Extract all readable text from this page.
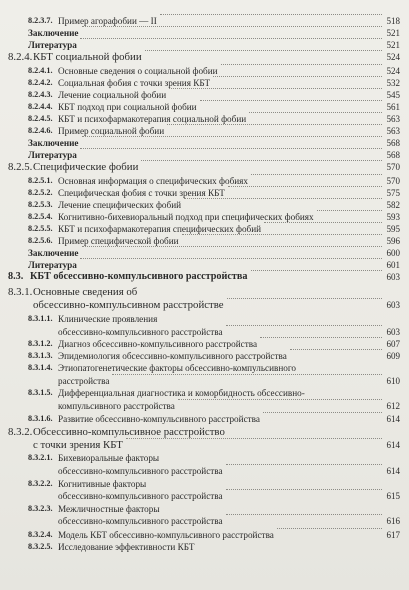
8.2.3.7. Пример агорафобии — II	518
Заключение	521
Литература	521
8.2.4. КБТ социальной фобии	524
8.2.4.1. Основные сведения о социальной фобии	524
8.2.4.2. Социальная фобия с точки зрения КБТ	532
8.2.4.3. Лечение социальной фобии	545
8.2.4.4. КБТ подход при социальной фобии	561
8.2.4.5. КБТ и психофармакотерапия социальной фобии	563
8.2.4.6. Пример социальной фобии	563
Заключение	568
Литература	568
8.2.5. Специфические фобии	570
8.2.5.1. Основная информация о специфических фобиях	570
8.2.5.2. Специфическая фобия с точки зрения КБТ	575
8.2.5.3. Лечение специфических фобий	582
8.2.5.4. Когнитивно-бихевиоральный подход при специфических фобиях	593
8.2.5.5. КБТ и психофармакотерапия специфических фобий	595
8.2.5.6. Пример специфической фобии	596
Заключение	600
Литература	601
8.3. КБТ обсессивно-компульсивного расстройства	603
8.3.1. Основные сведения об
обсессивно-компульсивном расстройстве	603
8.3.1.1. Клинические проявления
обсессивно-компульсивного расстройства	603
8.3.1.2. Диагноз обсессивно-компульсивного расстройства	607
8.3.1.3. Эпидемиология обсессивно-компульсивного расстройства	609
8.3.1.4. Этиопатогенетические факторы обсессивно-компульсивного
расстройства	610
8.3.1.5. Дифференциальная диагностика и коморбидность обсессивно-
компульсивного расстройства	612
8.3.1.6. Развитие обсессивно-компульсивного расстройства	614
8.3.2. Обсессивно-компульсивное расстройство
с точки зрения КБТ	614
8.3.2.1. Бихевиоральные факторы
обсессивно-компульсивного расстройства	614
8.3.2.2. Когнитивные факторы
обсессивно-компульсивного расстройства	615
8.3.2.3. Межличностные факторы
обсессивно-компульсивного расстройства	616
8.3.2.4. Модель КБТ обсессивно-компульсивного расстройства	617
8.3.2.5. Исследование эффективности КБТ
